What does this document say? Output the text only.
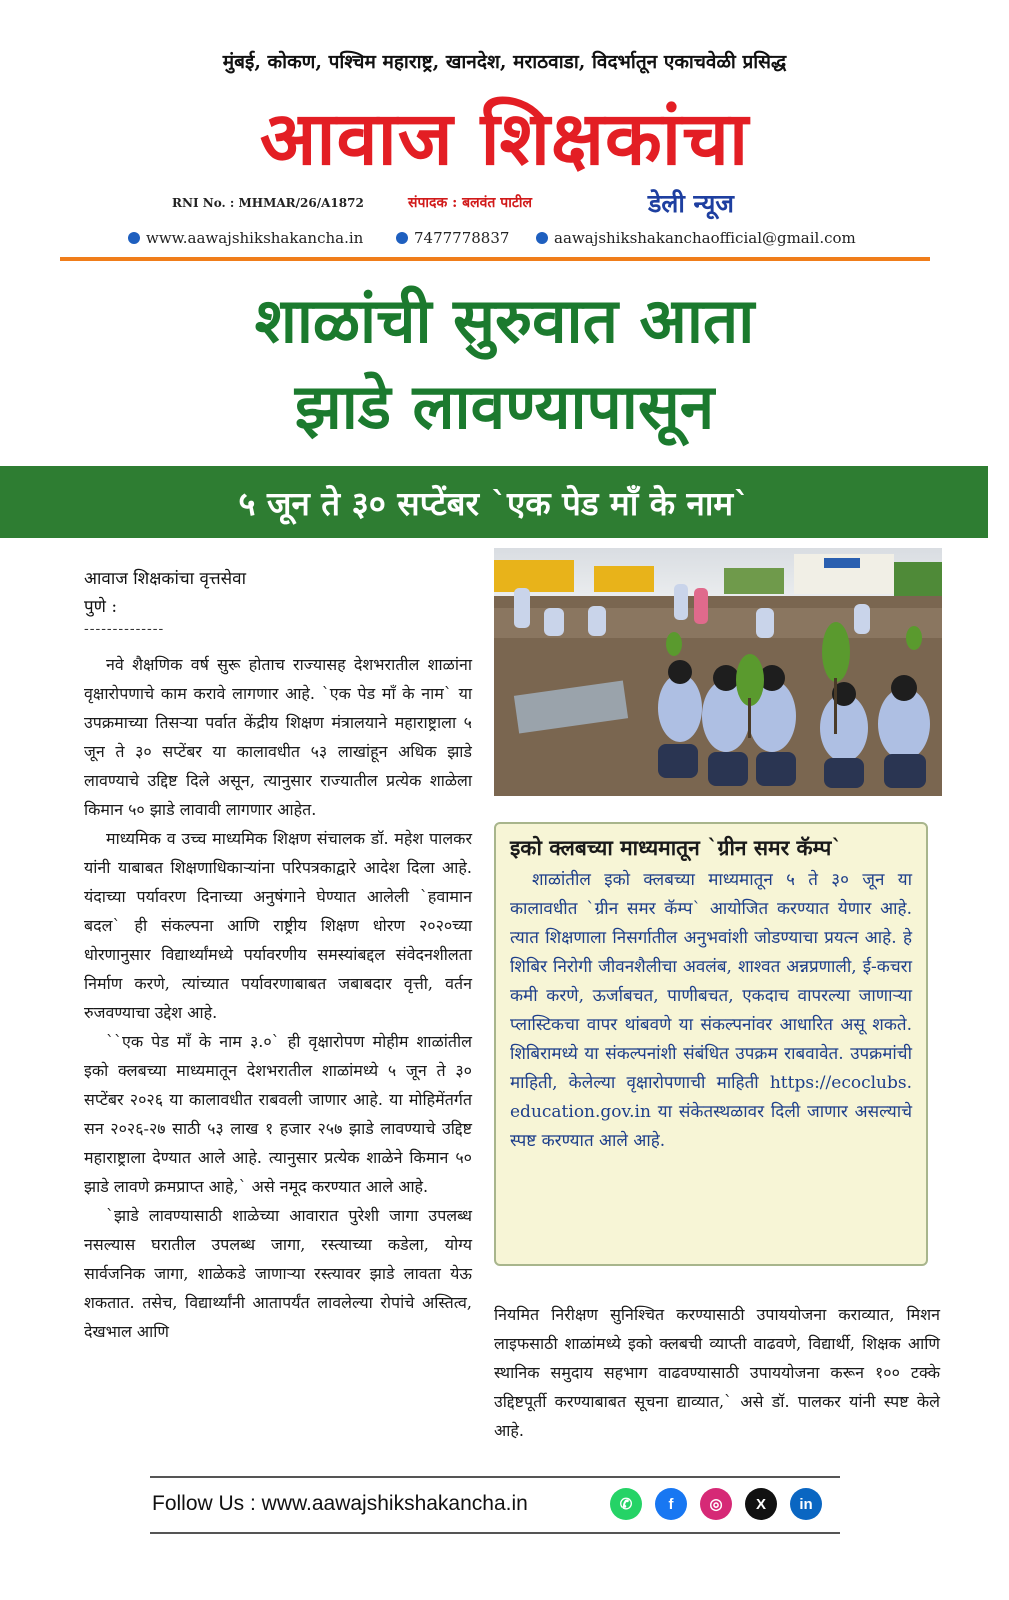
मुंबई, कोकण, पश्चिम महाराष्ट्र, खानदेश, मराठवाडा, विदर्भातून एकाचवेळी प्रसिद्ध
आवाज शिक्षकांचा
RNI No. : MHMAR/26/A1872	संपादक : बलवंत पाटील	डेली न्यूज
www.aawajshikshakancha.in	7477778837	aawajshikshakanchaofficial@gmail.com
शाळांची सुरुवात आता
झाडे लावण्यापासून
५ जून ते ३० सप्टेंबर `एक पेड माँ के नाम`
आवाज शिक्षकांचा वृत्तसेवा
पुणे :
--------------

नवे शैक्षणिक वर्ष सुरू होताच राज्यासह देशभरातील शाळांना वृक्षारोपणाचे काम करावे लागणार आहे. `एक पेड माँ के नाम` या उपक्रमाच्या तिसऱ्या पर्वात केंद्रीय शिक्षण मंत्रालयाने महाराष्ट्राला ५ जून ते ३० सप्टेंबर या कालावधीत ५३ लाखांहून अधिक झाडे लावण्याचे उद्दिष्ट दिले असून, त्यानुसार राज्यातील प्रत्येक शाळेला किमान ५० झाडे लावावी लागणार आहेत.

माध्यमिक व उच्च माध्यमिक शिक्षण संचालक डॉ. महेश पालकर यांनी याबाबत शिक्षणाधिकाऱ्यांना परिपत्रकाद्वारे आदेश दिला आहे. यंदाच्या पर्यावरण दिनाच्या अनुषंगाने घेण्यात आलेली `हवामान बदल` ही संकल्पना आणि राष्ट्रीय शिक्षण धोरण २०२०च्या धोरणानुसार विद्यार्थ्यांमध्ये पर्यावरणीय समस्यांबद्दल संवेदनशीलता निर्माण करणे, त्यांच्यात पर्यावरणाबाबत जबाबदार वृत्ती, वर्तन रुजवण्याचा उद्देश आहे.

``एक पेड माँ के नाम ३.०` ही वृक्षारोपण मोहीम शाळांतील इको क्लबच्या माध्यमातून देशभरातील शाळांमध्ये ५ जून ते ३० सप्टेंबर २०२६ या कालावधीत राबवली जाणार आहे. या मोहिमेंतर्गत सन २०२६-२७ साठी ५३ लाख १ हजार २५७ झाडे लावण्याचे उद्दिष्ट महाराष्ट्राला देण्यात आले आहे. त्यानुसार प्रत्येक शाळेने किमान ५० झाडे लावणे क्रमप्राप्त आहे,` असे नमूद करण्यात आले आहे.

`झाडे लावण्यासाठी शाळेच्या आवारात पुरेशी जागा उपलब्ध नसल्यास घरातील उपलब्ध जागा, रस्त्याच्या कडेला, योग्य सार्वजनिक जागा, शाळेकडे जाणाऱ्या रस्त्यावर झाडे लावता येऊ शकतात. तसेच, विद्यार्थ्यांनी आतापर्यंत लावलेल्या रोपांचे अस्तित्व, देखभाल आणि

इको क्लबच्या माध्यमातून `ग्रीन समर कॅम्प`

शाळांतील इको क्लबच्या माध्यमातून ५ ते ३० जून या कालावधीत `ग्रीन समर कॅम्प` आयोजित करण्यात येणार आहे. त्यात शिक्षणाला निसर्गातील अनुभवांशी जोडण्याचा प्रयत्न आहे. हे शिबिर निरोगी जीवनशैलीचा अवलंब, शाश्वत अन्नप्रणाली, ई-कचरा कमी करणे, ऊर्जाबचत, पाणीबचत, एकदाच वापरल्या जाणाऱ्या प्लास्टिकचा वापर थांबवणे या संकल्पनांवर आधारित असू शकते. शिबिरामध्ये या संकल्पनांशी संबंधित उपक्रम राबवावेत. उपक्रमांची माहिती, केलेल्या वृक्षारोपणाची माहिती https://ecoclubs. education.gov.in या संकेतस्थळावर दिली जाणार असल्याचे स्पष्ट करण्यात आले आहे.

नियमित निरीक्षण सुनिश्चित करण्यासाठी उपाययोजना कराव्यात, मिशन लाइफसाठी शाळांमध्ये इको क्लबची व्याप्ती वाढवणे, विद्यार्थी, शिक्षक आणि स्थानिक समुदाय सहभाग वाढवण्यासाठी उपाययोजना करून १०० टक्के उद्दिष्टपूर्ती करण्याबाबत सूचना द्याव्यात,` असे डॉ. पालकर यांनी स्पष्ट केले आहे.

Follow Us : www.aawajshikshakancha.in	✆	f	◎	X	in
